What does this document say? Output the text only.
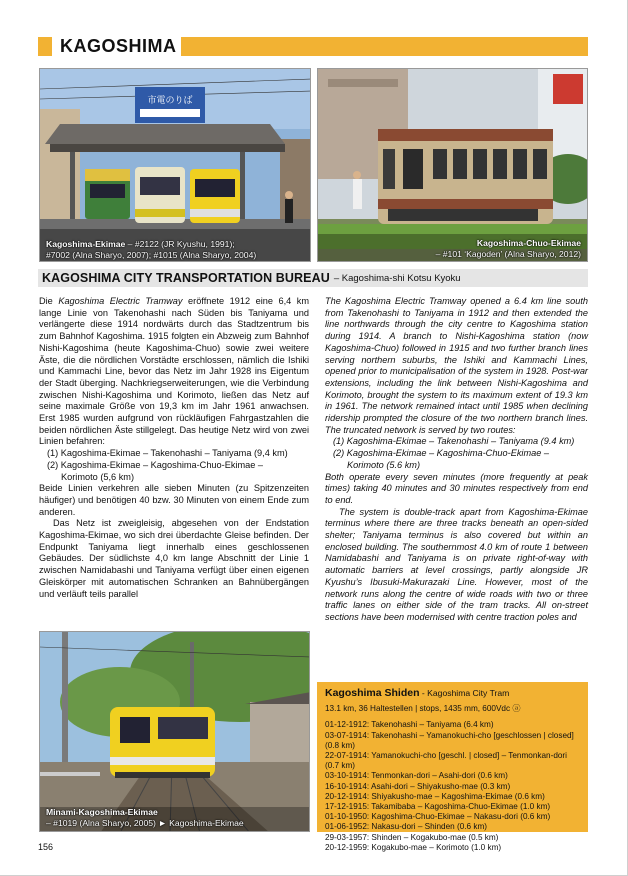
KAGOSHIMA
市電のりば
Kagoshima-Ekimae – #2122 (JR Kyushu, 1991);
#7002 (Alna Sharyo, 2007); #1015 (Alna Sharyo, 2004)
Kagoshima-Chuo-Ekimae
– #101 ‘Kagoden’ (Alna Sharyo, 2012)
KAGOSHIMA CITY TRANSPORTATION BUREAU – Kagoshima-shi Kotsu Kyoku

Die Kagoshima Electric Tramway eröffnete 1912 eine 6,4 km lange Linie von Takenohashi nach Süden bis Taniyama und verlängerte diese 1914 nordwärts durch das Stadtzentrum bis zum Bahnhof Kagoshima. 1915 folgten ein Abzweig zum Bahnhof Nishi-Kagoshima (heute Kagoshima-Chuo) sowie zwei weitere Äste, die die nördlichen Vorstädte erschlossen, nämlich die Ishiki und Kammachi Line, bevor das Netz im Jahr 1928 ins Eigentum der Stadt überging. Nachkriegserweiterungen, wie die Verbindung zwischen Nishi-Kagoshima und Korimoto, ließen das Netz auf seine maximale Größe von 19,3 km im Jahr 1961 anwachsen. Erst 1985 wurden aufgrund von rückläufigen Fahrgastzahlen die beiden nördlichen Äste stillgelegt. Das heutige Netz wird von zwei Linien befahren:

(1) Kagoshima-Ekimae – Takenohashi – Taniyama (9,4 km)

(2) Kagoshima-Ekimae – Kagoshima-Chuo-Ekimae –

Korimoto (5,6 km)

Beide Linien verkehren alle sieben Minuten (zu Spitzenzeiten häufiger) und benötigen 40 bzw. 30 Minuten von einem Ende zum anderen.

Das Netz ist zweigleisig, abgesehen von der Endstation Kagoshima-Ekimae, wo sich drei überdachte Gleise befinden. Der Endpunkt Taniyama liegt innerhalb eines geschlossenen Gebäudes. Der südlichste 4,0 km lange Abschnitt der Linie 1 zwischen Namidabashi und Taniyama verfügt über einen eigenen Gleiskörper mit automatischen Schranken an Bahnübergängen und verläuft teils parallel

The Kagoshima Electric Tramway opened a 6.4 km line south from Takenohashi to Taniyama in 1912 and then extended the line northwards through the city centre to Kagoshima station during 1914. A branch to Nishi-Kagoshima station (now Kagoshima-Chuo) followed in 1915 and two further branch lines serving northern suburbs, the Ishiki and Kammachi Lines, opened prior to municipalisation of the system in 1928. Post-war extensions, including the link between Nishi-Kagoshima and Korimoto, brought the system to its maximum extent of 19.3 km in 1961. The network remained intact until 1985 when declining ridership prompted the closure of the two northern branch lines. The truncated network is served by two routes:

(1) Kagoshima-Ekimae – Takenohashi – Taniyama (9.4 km)

(2) Kagoshima-Ekimae – Kagoshima-Chuo-Ekimae –

Korimoto (5.6 km)

Both operate every seven minutes (more frequently at peak times) taking 40 minutes and 30 minutes respectively from end to end.

The system is double-track apart from Kagoshima-Ekimae terminus where there are three tracks beneath an open-sided shelter; Taniyama terminus is also covered but within an enclosed building. The southernmost 4.0 km of route 1 between Namidabashi and Taniyama is on private right-of-way with automatic barriers at level crossings, partly alongside JR Kyushu’s Ibusuki-Makurazaki Line. However, most of the network runs along the centre of wide roads with two or three traffic lanes on either side of the tram tracks. All on-street sections have been modernised with centre traction poles and

Minami-Kagoshima-Ekimae
– #1019 (Alna Sharyo, 2005) ► Kagoshima-Ekimae
Kagoshima Shiden - Kagoshima City Tram
13.1 km, 36 Haltestellen | stops, 1435 mm, 600Vdc ⓐ
01-12-1912: Takenohashi – Taniyama (6.4 km)
03-07-1914: Takenohashi – Yamanokuchi-cho [geschlossen | closed] (0.8 km)
22-07-1914: Yamanokuchi-cho [geschl. | closed] – Tenmonkan-dori (0.7 km)
03-10-1914: Tenmonkan-dori – Asahi-dori (0.6 km)
16-10-1914: Asahi-dori – Shiyakusho-mae (0.3 km)
20-12-1914: Shiyakusho-mae – Kagoshima-Ekimae (0.6 km)
17-12-1915: Takamibaba – Kagoshima-Chuo-Ekimae (1.0 km)
01-10-1950: Kagoshima-Chuo-Ekimae – Nakasu-dori (0.6 km)
01-06-1952: Nakasu-dori – Shinden (0.6 km)
29-03-1957: Shinden – Kogakubo-mae (0.5 km)
20-12-1959: Kogakubo-mae – Korimoto (1.0 km)
156
